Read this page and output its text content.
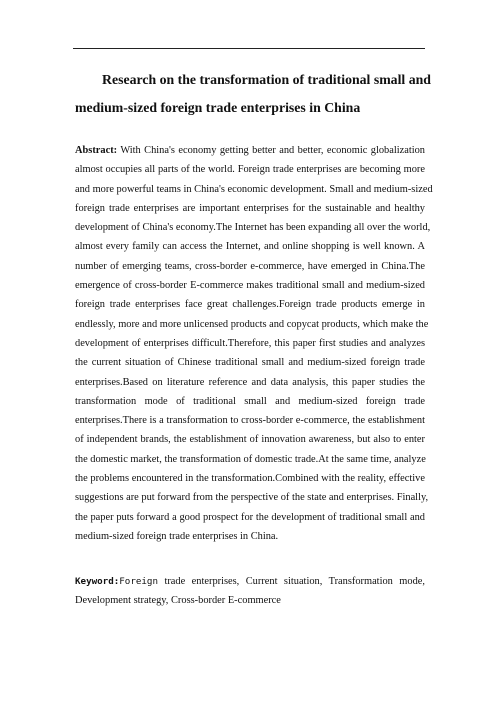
Research on the transformation of traditional small and
medium-sized foreign trade enterprises in China
Abstract: With China's economy getting better and better, economic globalization
almost occupies all parts of the world. Foreign trade enterprises are becoming more
and more powerful teams in China's economic development. Small and medium-sized
foreign trade enterprises are important enterprises for the sustainable and healthy
development of China's economy.The Internet has been expanding all over the world,
almost every family can access the Internet, and online shopping is well known. A
number of emerging teams, cross-border e-commerce, have emerged in China.The
emergence of cross-border E-commerce makes traditional small and medium-sized
foreign trade enterprises face great challenges.Foreign trade products emerge in
endlessly, more and more unlicensed products and copycat products, which make the
development of enterprises difficult.Therefore, this paper first studies and analyzes
the current situation of Chinese traditional small and medium-sized foreign trade
enterprises.Based on literature reference and data analysis, this paper studies the
transformation mode of traditional small and medium-sized foreign trade
enterprises.There is a transformation to cross-border e-commerce, the establishment
of independent brands, the establishment of innovation awareness, but also to enter
the domestic market, the transformation of domestic trade.At the same time, analyze
the problems encountered in the transformation.Combined with the reality, effective
suggestions are put forward from the perspective of the state and enterprises. Finally,
the paper puts forward a good prospect for the development of traditional small and
medium-sized foreign trade enterprises in China.
Keyword:Foreign trade enterprises, Current situation, Transformation mode,
Development strategy, Cross-border E-commerce
